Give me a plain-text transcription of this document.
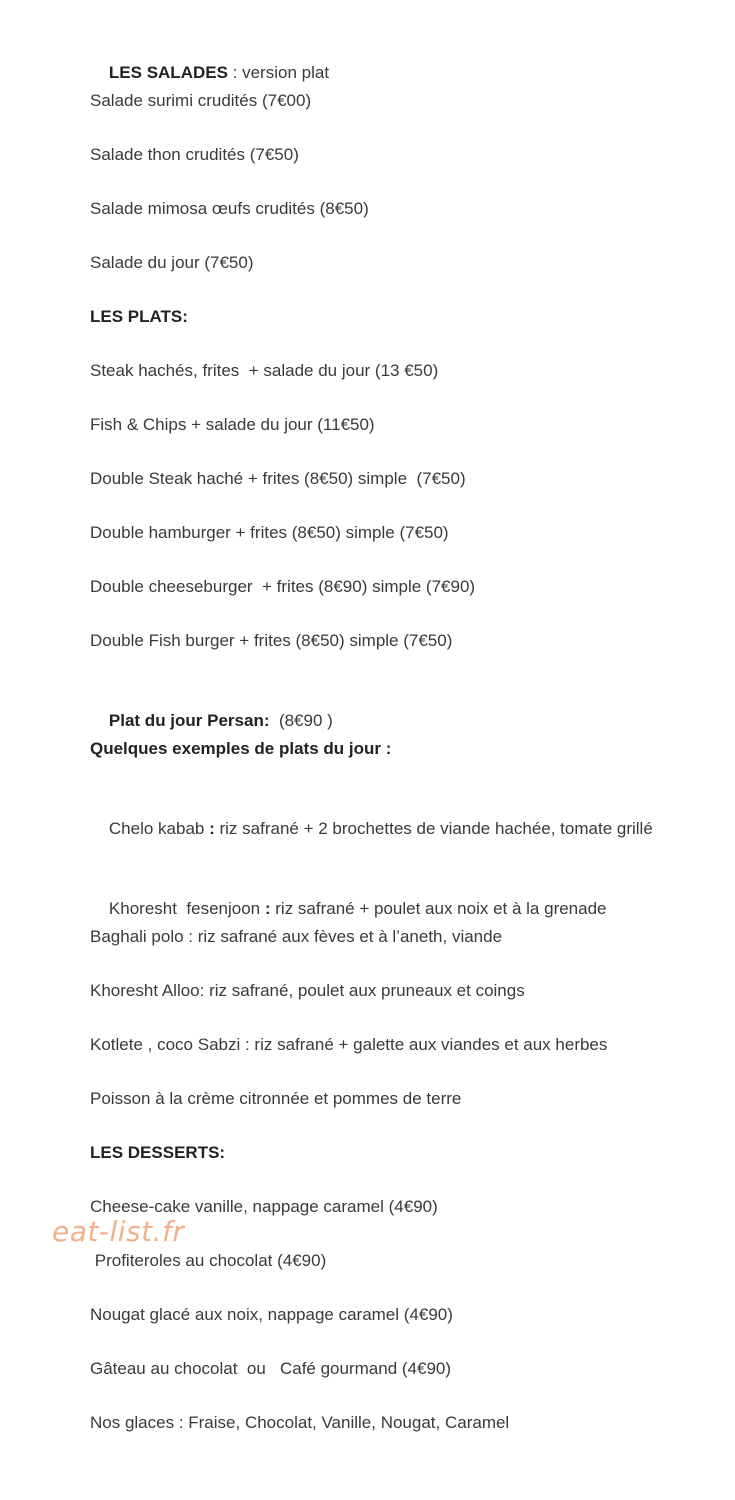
LES SALADES : version plat

Salade surimi crudités (7€00)
Salade thon crudités (7€50)
Salade mimosa œufs crudités (8€50)
Salade du jour (7€50)
LES PLATS:
Steak hachés, frites  + salade du jour (13 €50)
Fish & Chips + salade du jour (11€50)
Double Steak haché + frites (8€50) simple  (7€50)
Double hamburger + frites (8€50) simple (7€50)
Double cheeseburger  + frites (8€90) simple (7€90)
Double Fish burger + frites (8€50) simple (7€50)

Plat du jour Persan:  (8€90 )

Quelques exemples de plats du jour :

Chelo kabab : riz safrané + 2 brochettes de viande hachée, tomate grillé

Khoresht  fesenjoon : riz safrané + poulet aux noix et à la grenade

Baghali polo : riz safrané aux fèves et à l’aneth, viande
Khoresht Alloo: riz safrané, poulet aux pruneaux et coings
Kotlete , coco Sabzi : riz safrané + galette aux viandes et aux herbes
Poisson à la crème citronnée et pommes de terre
LES DESSERTS:
Cheese-cake vanille, nappage caramel (4€90)
Profiteroles au chocolat (4€90)
Nougat glacé aux noix, nappage caramel (4€90)
Gâteau au chocolat  ou   Café gourmand (4€90)
Nos glaces : Fraise, Chocolat, Vanille, Nougat, Caramel
eat-list.fr
